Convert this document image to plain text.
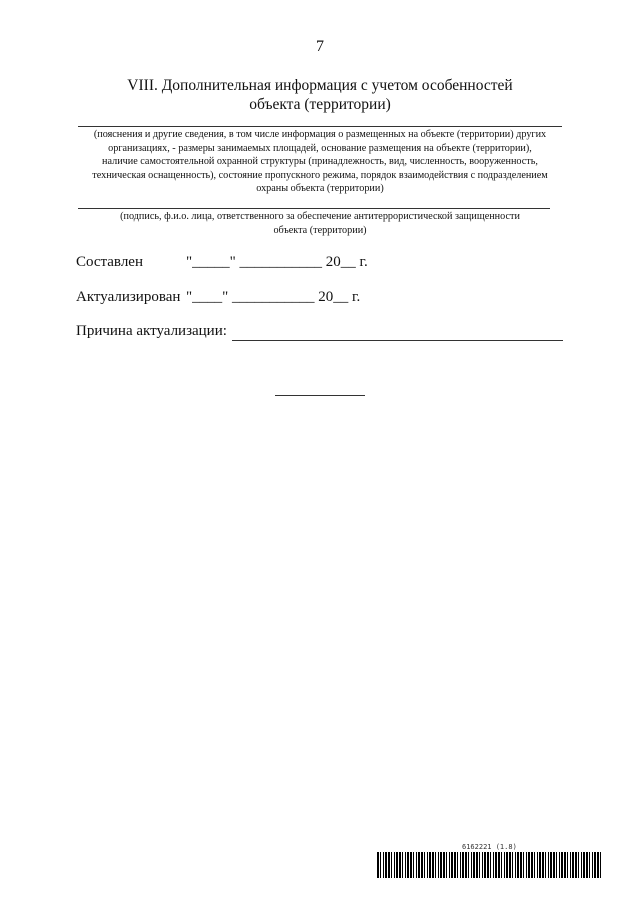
7
VIII. Дополнительная информация с учетом особенностей
объекта (территории)
(пояснения и другие сведения, в том числе информация о размещенных на объекте (территории) других
организациях, - размеры занимаемых площадей, основание размещения на объекте (территории),
наличие самостоятельной охранной структуры (принадлежность, вид, численность, вооруженность,
техническая оснащенность), состояние пропускного режима, порядок взаимодействия с подразделением
охраны объекта (территории)
(подпись, ф.и.о. лица, ответственного за обеспечение антитеррористической защищенности
объекта (территории)
Составлен	"_____" ___________ 20__ г.
Актуализирован "____" ___________ 20__ г.
Причина актуализации:
6162221 (1.8)
